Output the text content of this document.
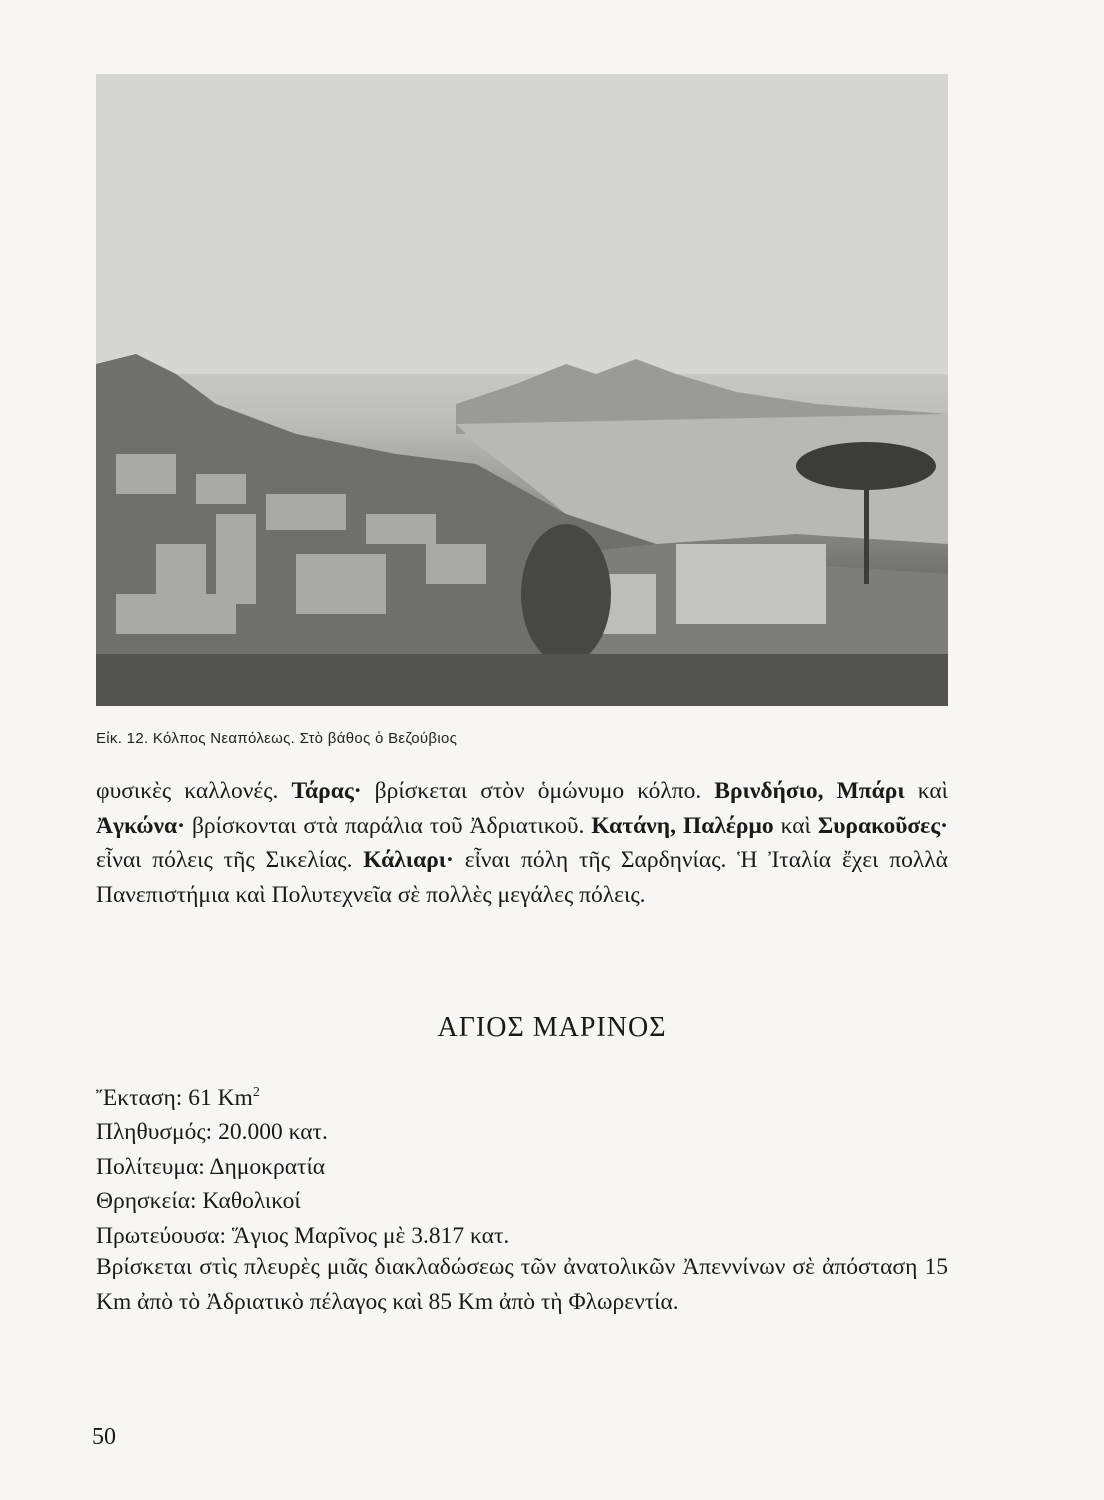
Εἰκ. 12. Κόλπος Νεαπόλεως. Στὸ βάθος ὁ Βεζούβιος

φυσικὲς καλλονές. Τάρας· βρίσκεται στὸν ὁμώνυμο κόλπο. Βρινδήσιο, Μπάρι καὶ Ἀγκώνα· βρίσκονται στὰ παράλια τοῦ Ἀδριατικοῦ. Κατάνη, Παλέρμο καὶ Συρακοῦσες· εἶναι πόλεις τῆς Σικελίας. Κάλιαρι· εἶναι πόλη τῆς Σαρδηνίας. Ἡ Ἰταλία ἔχει πολλὰ Πανεπιστήμια καὶ Πολυτεχνεῖα σὲ πολλὲς μεγάλες πόλεις.

ΑΓΙΟΣ ΜΑΡΙΝΟΣ
Ἔκταση: 61 Km$^2$
Πληθυσμός: 20.000 κατ.
Πολίτευμα: Δημοκρατία
Θρησκεία: Καθολικοί
Πρωτεύουσα: Ἅγιος Μαρῖνος μὲ 3.817 κατ.

Βρίσκεται στὶς πλευρὲς μιᾶς διακλαδώσεως τῶν ἀνατολικῶν Ἀπεννίνων σὲ ἀπόσταση 15 Km ἀπὸ τὸ Ἀδριατικὸ πέλαγος καὶ 85 Km ἀπὸ τὴ Φλωρεντία.

50
